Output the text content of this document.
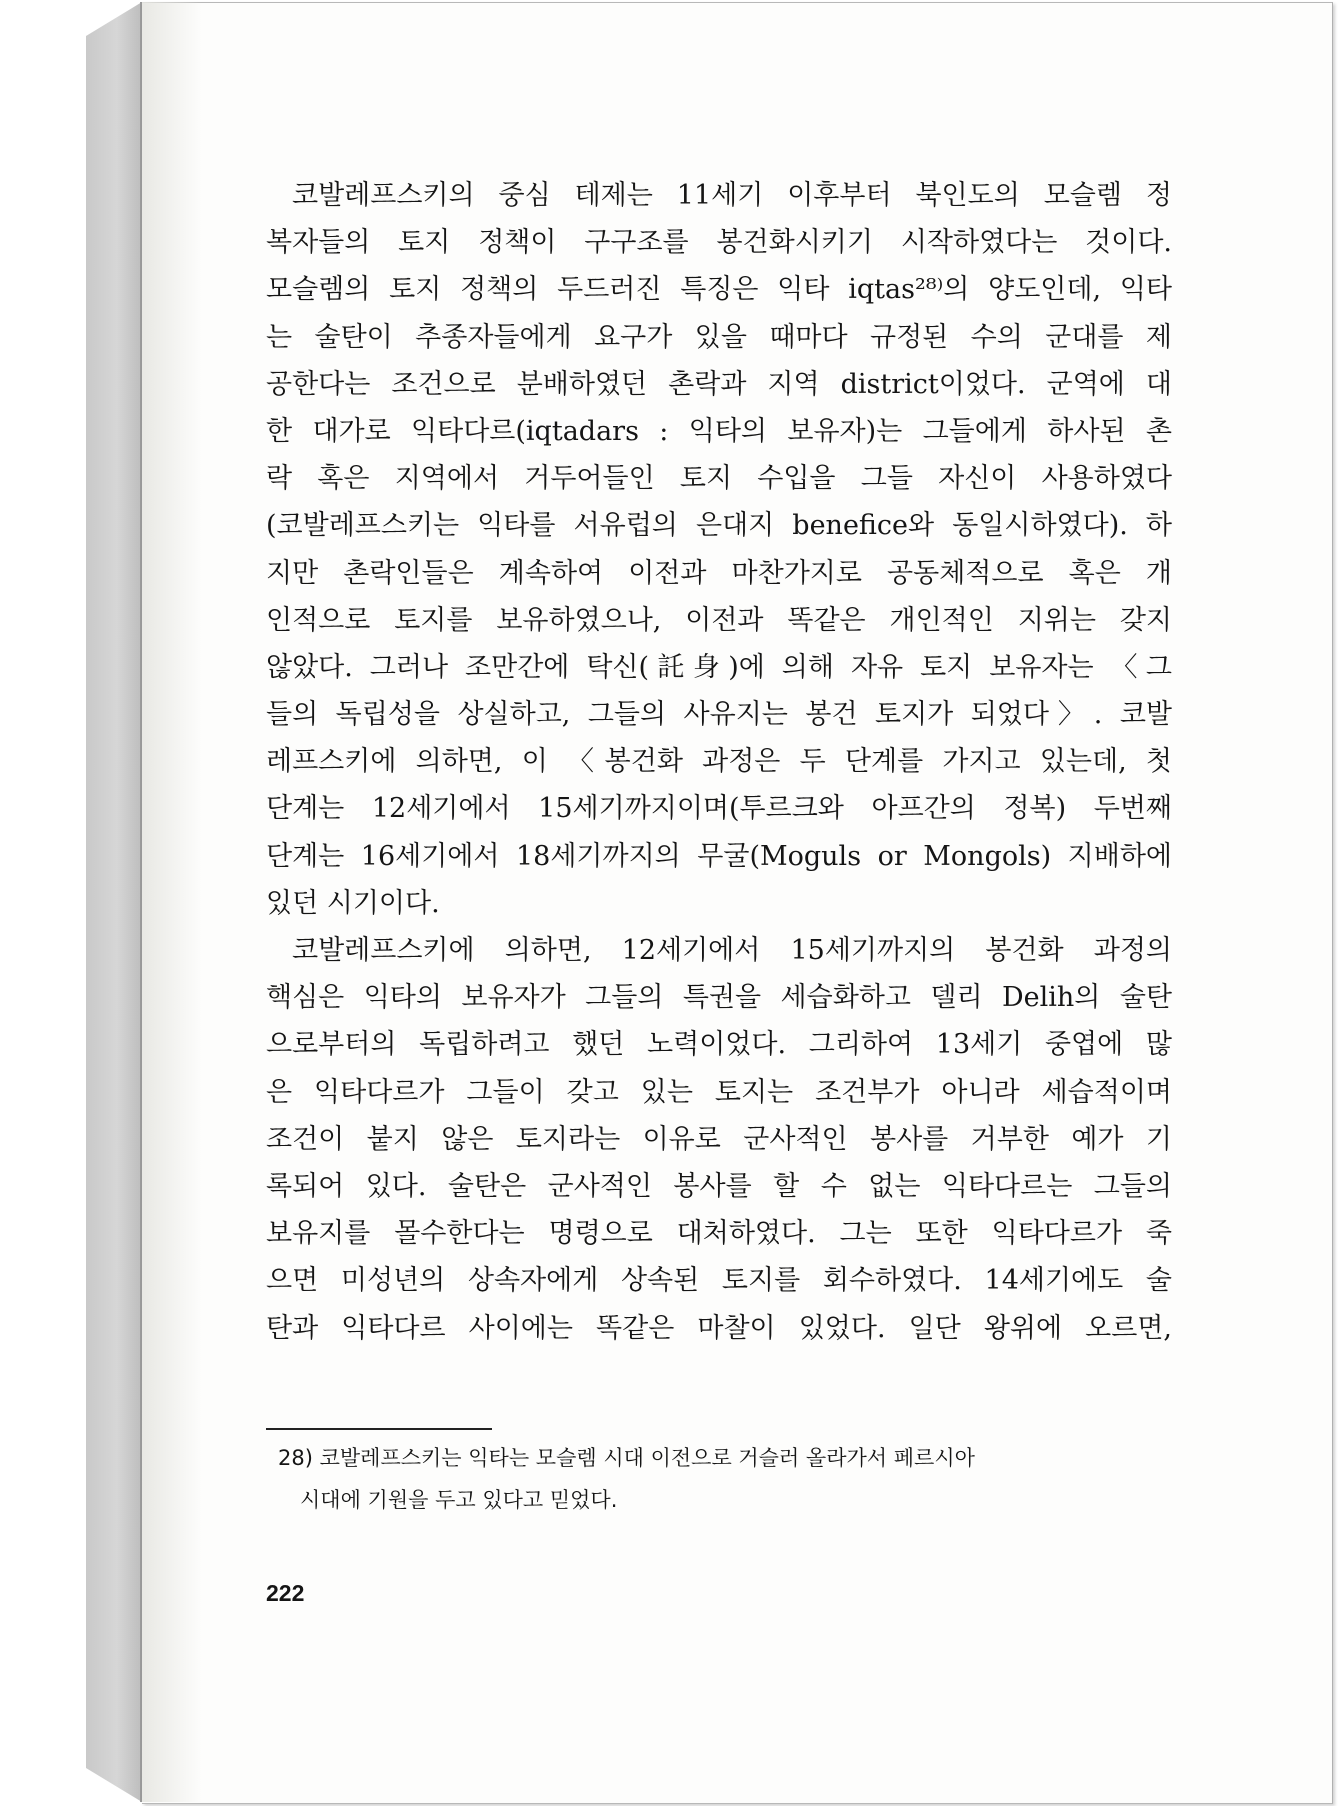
코발레프스키의 중심 테제는 11세기 이후부터 북인도의 모슬렘 정
복자들의 토지 정책이 구구조를 봉건화시키기 시작하였다는 것이다.
모슬렘의 토지 정책의 두드러진 특징은 익타 iqtas²⁸⁾의 양도인데, 익타
는 술탄이 추종자들에게 요구가 있을 때마다 규정된 수의 군대를 제
공한다는 조건으로 분배하였던 촌락과 지역 district이었다. 군역에 대
한 대가로 익타다르(iqtadars : 익타의 보유자)는 그들에게 하사된 촌
락 혹은 지역에서 거두어들인 토지 수입을 그들 자신이 사용하였다
(코발레프스키는 익타를 서유럽의 은대지 benefice와 동일시하였다). 하
지만 촌락인들은 계속하여 이전과 마찬가지로 공동체적으로 혹은 개
인적으로 토지를 보유하였으나, 이전과 똑같은 개인적인 지위는 갖지
않았다. 그러나 조만간에 탁신(託身)에 의해 자유 토지 보유자는 〈그
들의 독립성을 상실하고, 그들의 사유지는 봉건 토지가 되었다〉. 코발
레프스키에 의하면, 이 〈봉건화 과정은 두 단계를 가지고 있는데, 첫
단계는 12세기에서 15세기까지이며(투르크와 아프간의 정복) 두번째
단계는 16세기에서 18세기까지의 무굴(Moguls or Mongols) 지배하에
있던 시기이다.
코발레프스키에 의하면, 12세기에서 15세기까지의 봉건화 과정의
핵심은 익타의 보유자가 그들의 특권을 세습화하고 델리 Delih의 술탄
으로부터의 독립하려고 했던 노력이었다. 그리하여 13세기 중엽에 많
은 익타다르가 그들이 갖고 있는 토지는 조건부가 아니라 세습적이며
조건이 붙지 않은 토지라는 이유로 군사적인 봉사를 거부한 예가 기
록되어 있다. 술탄은 군사적인 봉사를 할 수 없는 익타다르는 그들의
보유지를 몰수한다는 명령으로 대처하였다. 그는 또한 익타다르가 죽
으면 미성년의 상속자에게 상속된 토지를 회수하였다. 14세기에도 술
탄과 익타다르 사이에는 똑같은 마찰이 있었다. 일단 왕위에 오르면,
28) 코발레프스키는 익타는 모슬렘 시대 이전으로 거슬러 올라가서 페르시아
시대에 기원을 두고 있다고 믿었다.
222
